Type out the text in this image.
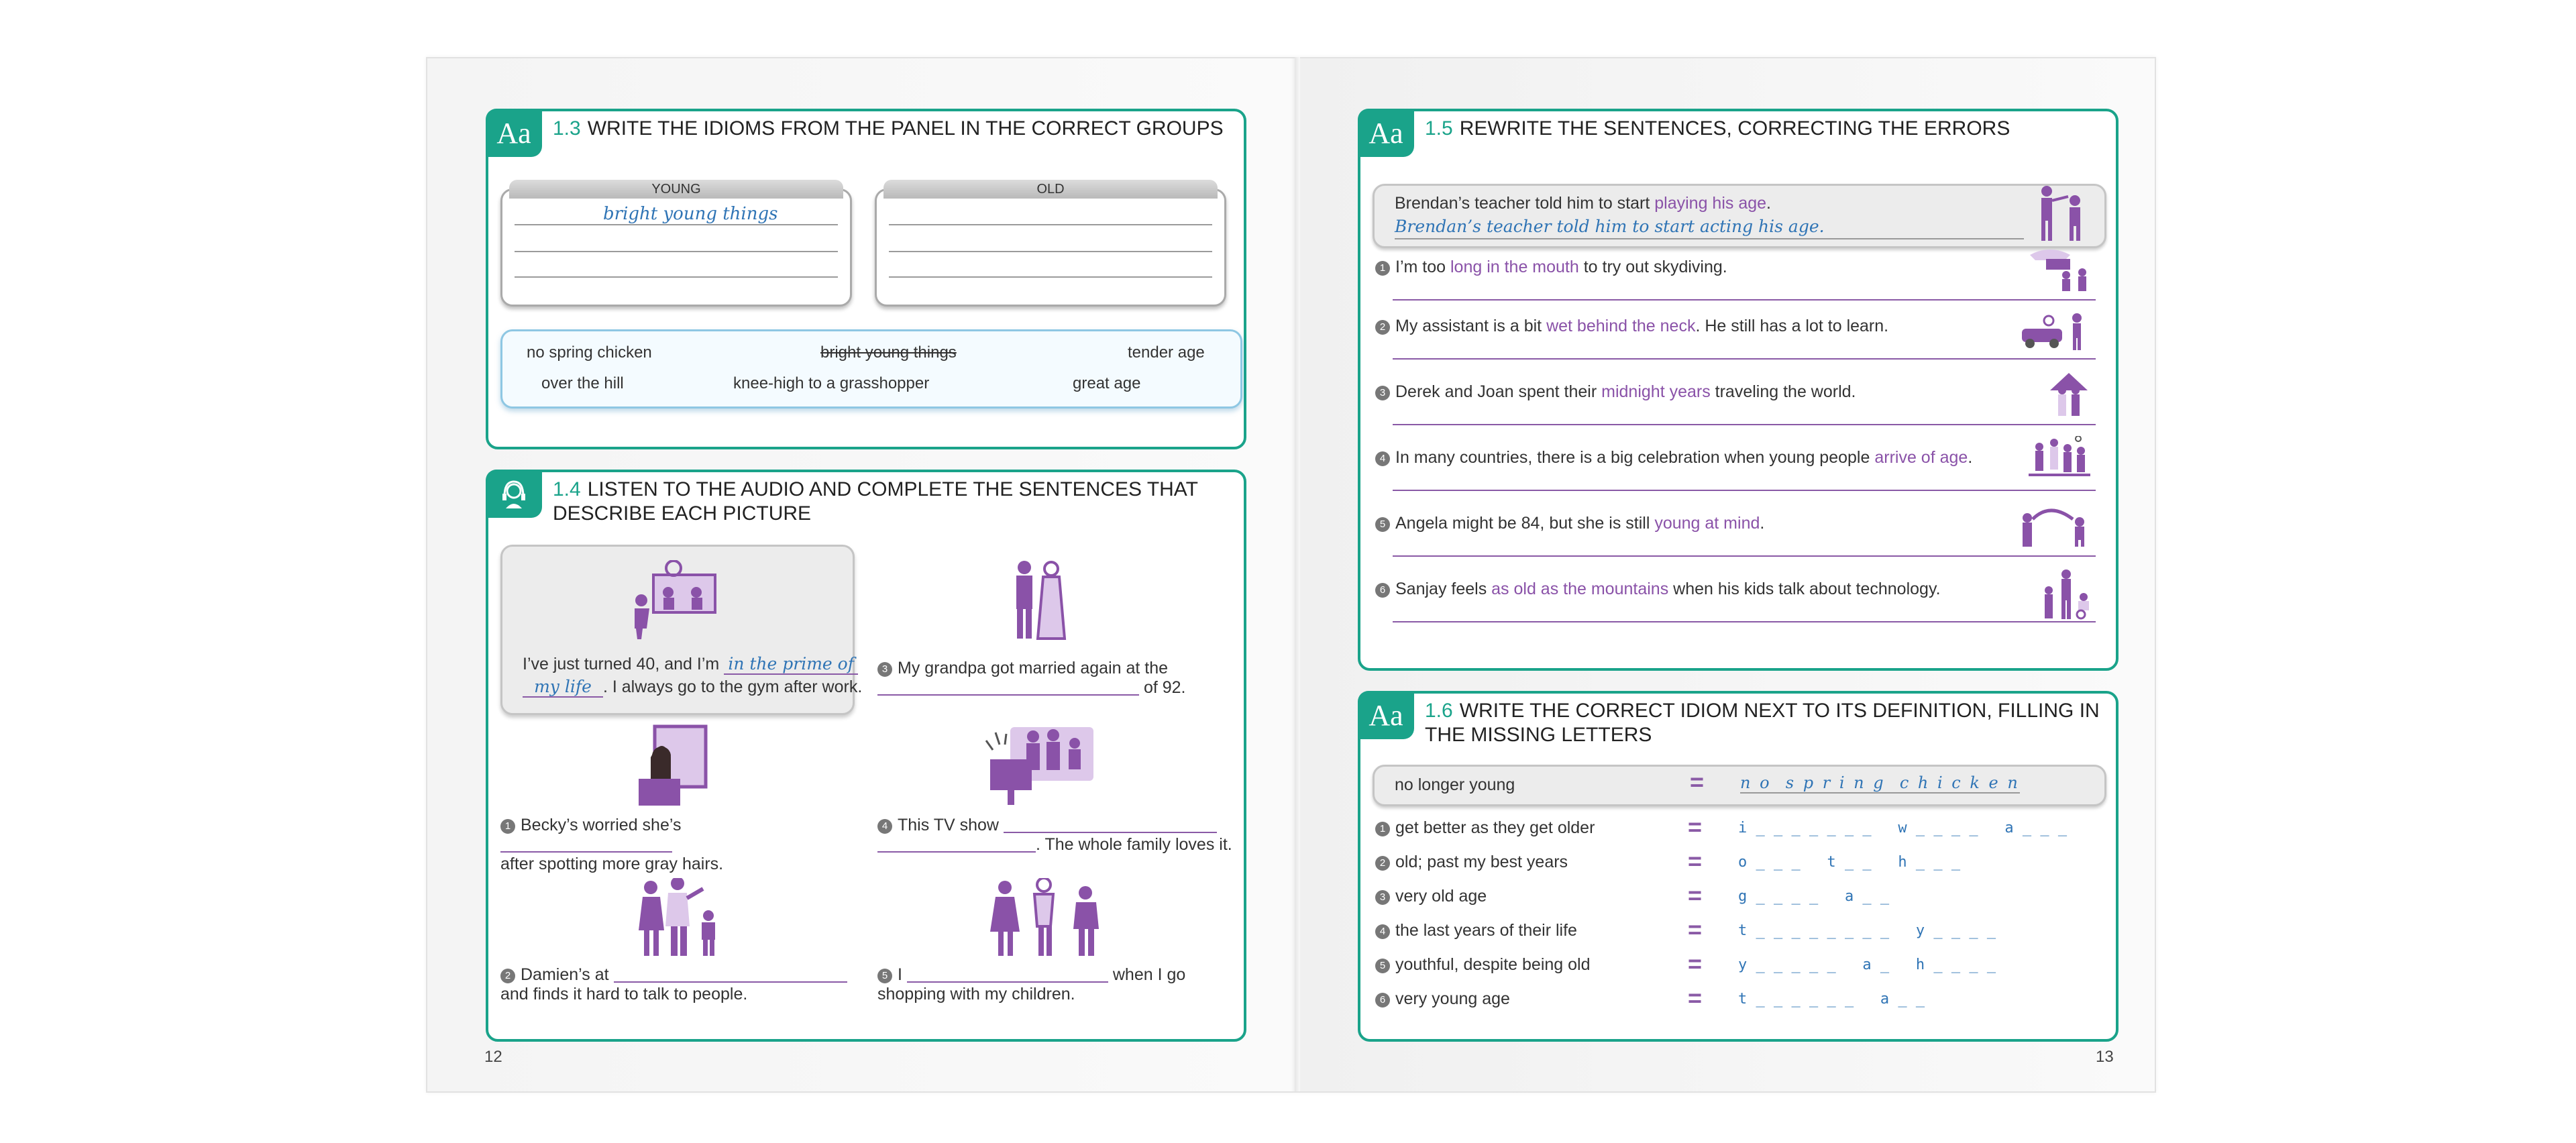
Aa	1.3 WRITE THE IDIOMS FROM THE PANEL IN THE CORRECT GROUPS
YOUNG
bright young things
OLD
no spring chicken	bright young things	tender age
over the hill	knee-high to a grasshopper	great age
1.4 LISTEN TO THE AUDIO AND COMPLETE THE SENTENCES THAT
DESCRIBE EACH PICTURE
I’ve just turned 40, and I’m in the prime of
my life . I always go to the gym after work.
3 My grandpa got married again at the
of 92.
1 Becky’s worried she’s
after spotting more gray hairs.
4 This TV show
. The whole family loves it.
2 Damien’s at
and finds it hard to talk to people.
5 I	when I go
shopping with my children.
12
Aa	1.5 REWRITE THE SENTENCES, CORRECTING THE ERRORS
Brendan’s teacher told him to start playing his age.
Brendan’s teacher told him to start acting his age.
1 I’m too long in the mouth to try out skydiving.
2 My assistant is a bit wet behind the neck. He still has a lot to learn.
3 Derek and Joan spent their midnight years traveling the world.
4 In many countries, there is a big celebration when young people arrive of age.
5 Angela might be 84, but she is still young at mind.
6 Sanjay feels as old as the mountains when his kids talk about technology.
Aa	1.6 WRITE THE CORRECT IDIOM NEXT TO ITS DEFINITION, FILLING IN
THE MISSING LETTERS
no longer young	= n o  s p r i n g  c h i c k e n
1 get better as they get older	= i _ _ _ _ _ _ _   w _ _ _ _   a _ _ _
2 old; past my best years	= o _ _ _   t _ _   h _ _ _
3 very old age	= g _ _ _ _   a _ _
4 the last years of their life	= t _ _ _ _ _ _ _ _   y _ _ _ _
5 youthful, despite being old	= y _ _ _ _ _   a _   h _ _ _ _
6 very young age	= t _ _ _ _ _ _   a _ _
13
